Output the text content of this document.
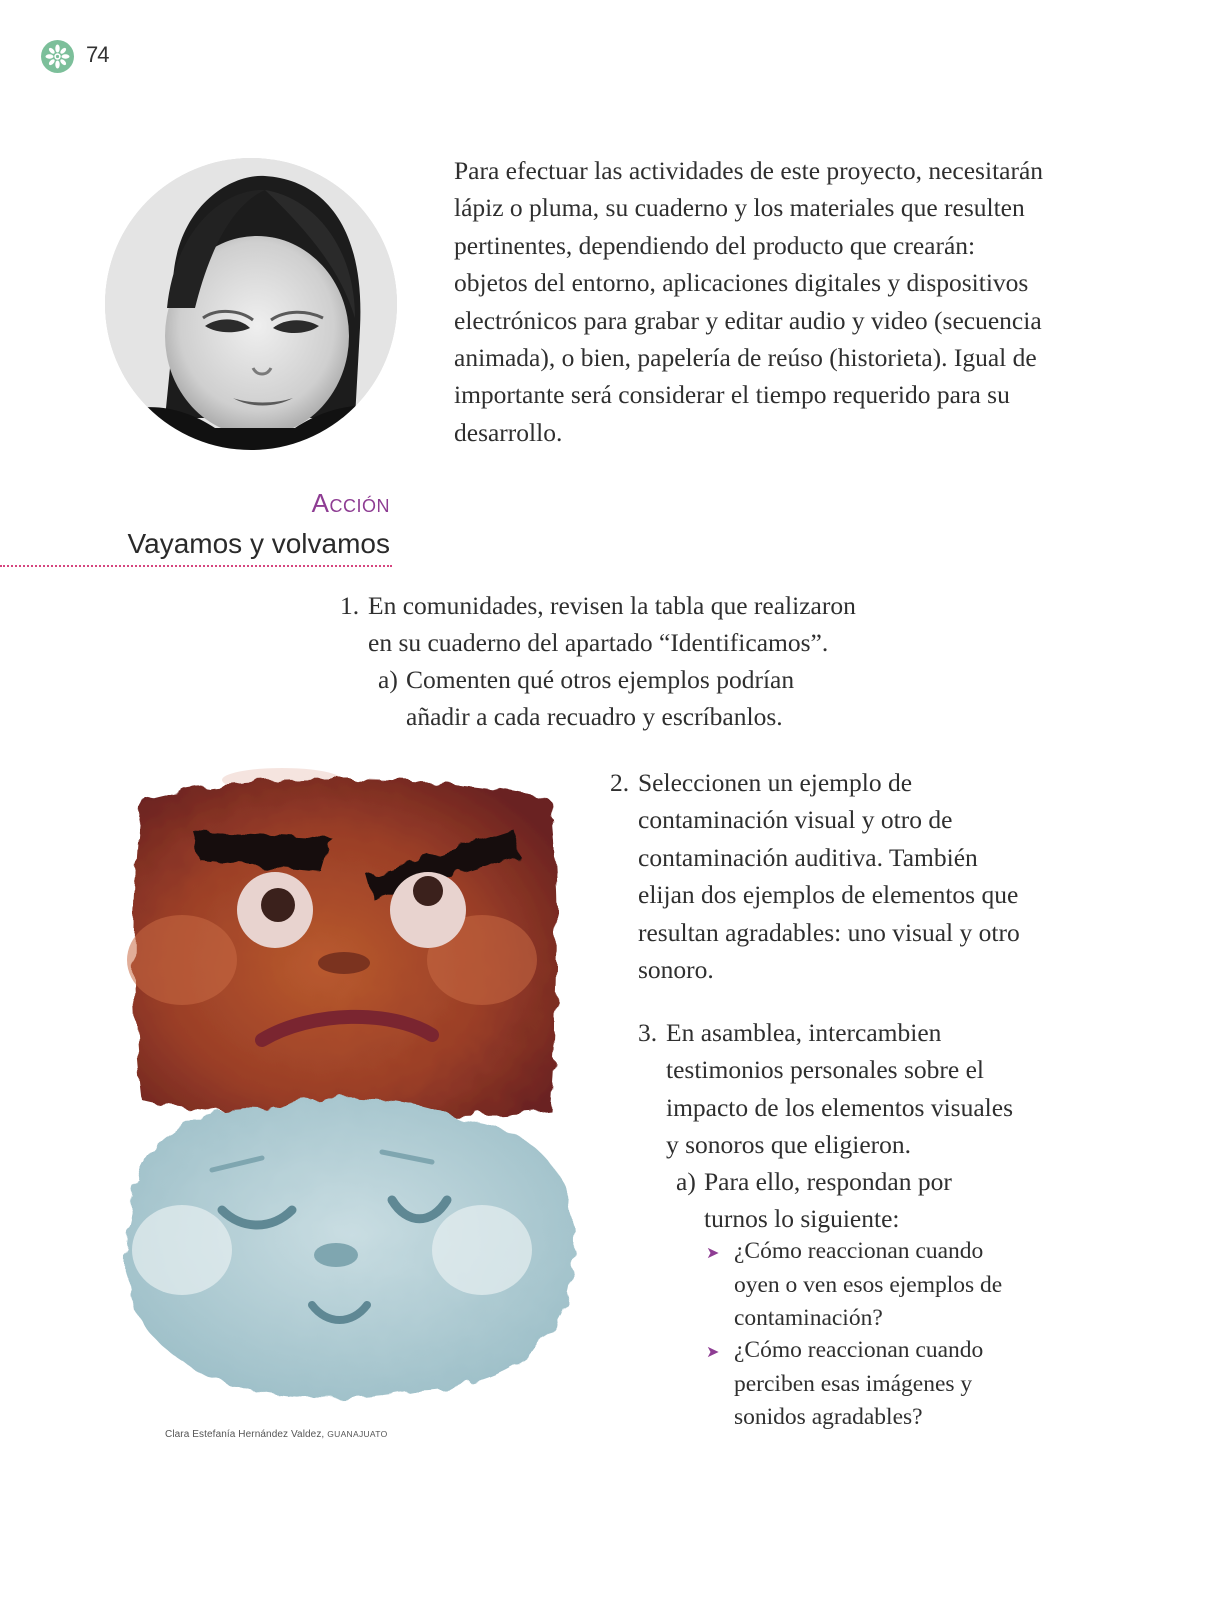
74

Para efectuar las actividades de este proyecto, necesitarán lápiz o pluma, su cuaderno y los materiales que resulten pertinentes, dependiendo del producto que crearán: objetos del entorno, aplicaciones digitales y dispositivos electrónicos para grabar y editar audio y video (secuencia animada), o bien, papelería de reúso (historieta). Igual de importante será considerar el tiempo requerido para su desarrollo.

Acción
Vayamos y volvamos
1. En comunidades, revisen la tabla que realizaron en su cuaderno del apartado “Identificamos”.

a) Comenten qué otros ejemplos podrían añadir a cada recuadro y escríbanlos.

Clara Estefanía Hernández Valdez, GUANAJUATO
2. Seleccionen un ejemplo de contaminación visual y otro de contaminación auditiva. También elijan dos ejemplos de elementos que resultan agradables: uno visual y otro sonoro.

3. En asamblea, intercambien testimonios personales sobre el impacto de los elementos visuales y sonoros que eligieron.

a) Para ello, respondan por turnos lo siguiente:

➤ ¿Cómo reaccionan cuando oyen o ven esos ejemplos de contaminación?

➤ ¿Cómo reaccionan cuando perciben esas imágenes y sonidos agradables?
